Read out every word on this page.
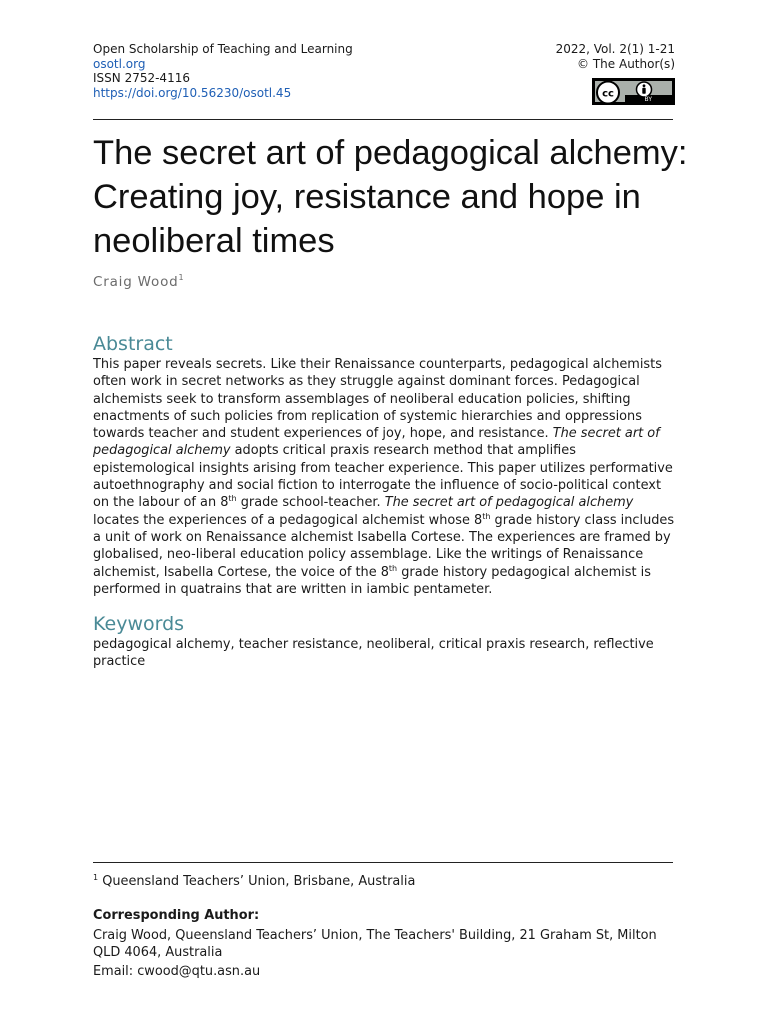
Open Scholarship of Teaching and Learning
osotl.org
ISSN 2752-4116
https://doi.org/10.56230/osotl.45
2022, Vol. 2(1) 1-21
© The Author(s)
cc	BY
The secret art of pedagogical alchemy: Creating joy, resistance and hope in neoliberal times
Craig Wood$^1$
Abstract

This paper reveals secrets. Like their Renaissance counterparts, pedagogical alchemists often work in secret networks as they struggle against dominant forces. Pedagogical alchemists seek to transform assemblages of neoliberal education policies, shifting enactments of such policies from replication of systemic hierarchies and oppressions towards teacher and student experiences of joy, hope, and resistance. The secret art of pedagogical alchemy adopts critical praxis research method that amplifies epistemological insights arising from teacher experience. This paper utilizes performative autoethnography and social fiction to interrogate the influence of socio-political context on the labour of an 8th grade school-teacher. The secret art of pedagogical alchemy locates the experiences of a pedagogical alchemist whose 8th grade history class includes a unit of work on Renaissance alchemist Isabella Cortese. The experiences are framed by globalised, neo-liberal education policy assemblage. Like the writings of Renaissance alchemist, Isabella Cortese, the voice of the 8th grade history pedagogical alchemist is performed in quatrains that are written in iambic pentameter.

Keywords

pedagogical alchemy, teacher resistance, neoliberal, critical praxis research, reflective practice

$^1$ Queensland Teachers’ Union, Brisbane, Australia
Corresponding Author:

Craig Wood, Queensland Teachers’ Union, The Teachers' Building, 21 Graham St, Milton QLD 4064, Australia

Email: cwood@qtu.asn.au
